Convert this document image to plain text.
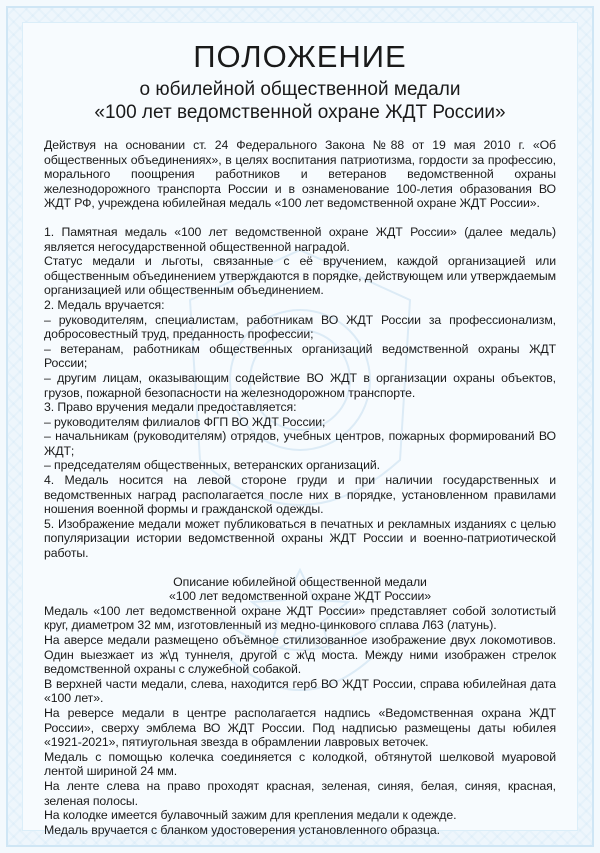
ПОЛОЖЕНИЕ

о юбилейной общественной медали

«100 лет ведомственной охране ЖДТ России»

Действуя на основании ст. 24 Федерального Закона №88 от 19 мая 2010 г. «Об общественных объединениях», в целях воспитания патриотизма, гордости за профессию, морального поощрения работников и ветеранов ведомственной охраны железнодорожного транспорта России и в ознаменование 100-летия образования ВО ЖДТ РФ, учреждена юбилейная медаль «100 лет ведомственной охране ЖДТ России».

1. Памятная медаль «100 лет ведомственной охране ЖДТ России» (далее медаль) является негосударственной общественной наградой.

Статус медали и льготы, связанные с её вручением, каждой организацией или общественным объединением утверждаются в порядке, действующем или утверждаемым организацией или общественным объединением.

2. Медаль вручается:

– руководителям, специалистам, работникам ВО ЖДТ России за профессионализм, добросовестный труд, преданность профессии;

– ветеранам, работникам общественных организаций ведомственной охраны ЖДТ России;

– другим лицам, оказывающим содействие ВО ЖДТ в организации охраны объектов, грузов, пожарной безопасности на железнодорожном транспорте.

3. Право вручения медали предоставляется:

– руководителям филиалов ФГП ВО ЖДТ России;

– начальникам (руководителям) отрядов, учебных центров, пожарных формирований ВО ЖДТ;

– председателям общественных, ветеранских организаций.

4. Медаль носится на левой стороне груди и при наличии государственных и ведомственных наград располагается после них в порядке, установленном правилами ношения военной формы и гражданской одежды.

5. Изображение медали может публиковаться в печатных и рекламных изданиях с целью популяризации истории ведомственной охраны ЖДТ России и военно-патриотической работы.

Описание юбилейной общественной медали

«100 лет ведомственной охране ЖДТ России»

Медаль «100 лет ведомственной охране ЖДТ России» представляет собой золотистый круг, диаметром 32 мм, изготовленный из медно-цинкового сплава Л63 (латунь).

На аверсе медали размещено объёмное стилизованное изображение двух локомотивов. Один выезжает из ж\д туннеля, другой с ж\д моста. Между ними изображен стрелок ведомственной охраны с служебной собакой.

В верхней части медали, слева, находится герб ВО ЖДТ России, справа юбилейная дата «100 лет».

На реверсе медали в центре располагается надпись «Ведомственная охрана ЖДТ России», сверху эмблема ВО ЖДТ России. Под надписью размещены даты юбилея «1921-2021», пятиугольная звезда в обрамлении лавровых веточек.

Медаль с помощью колечка соединяется с колодкой, обтянутой шелковой муаровой лентой шириной 24 мм.

На ленте слева на право проходят красная, зеленая, синяя, белая, синяя, красная, зеленая полосы.

На колодке имеется булавочный зажим для крепления медали к одежде.

Медаль вручается с бланком удостоверения установленного образца.
